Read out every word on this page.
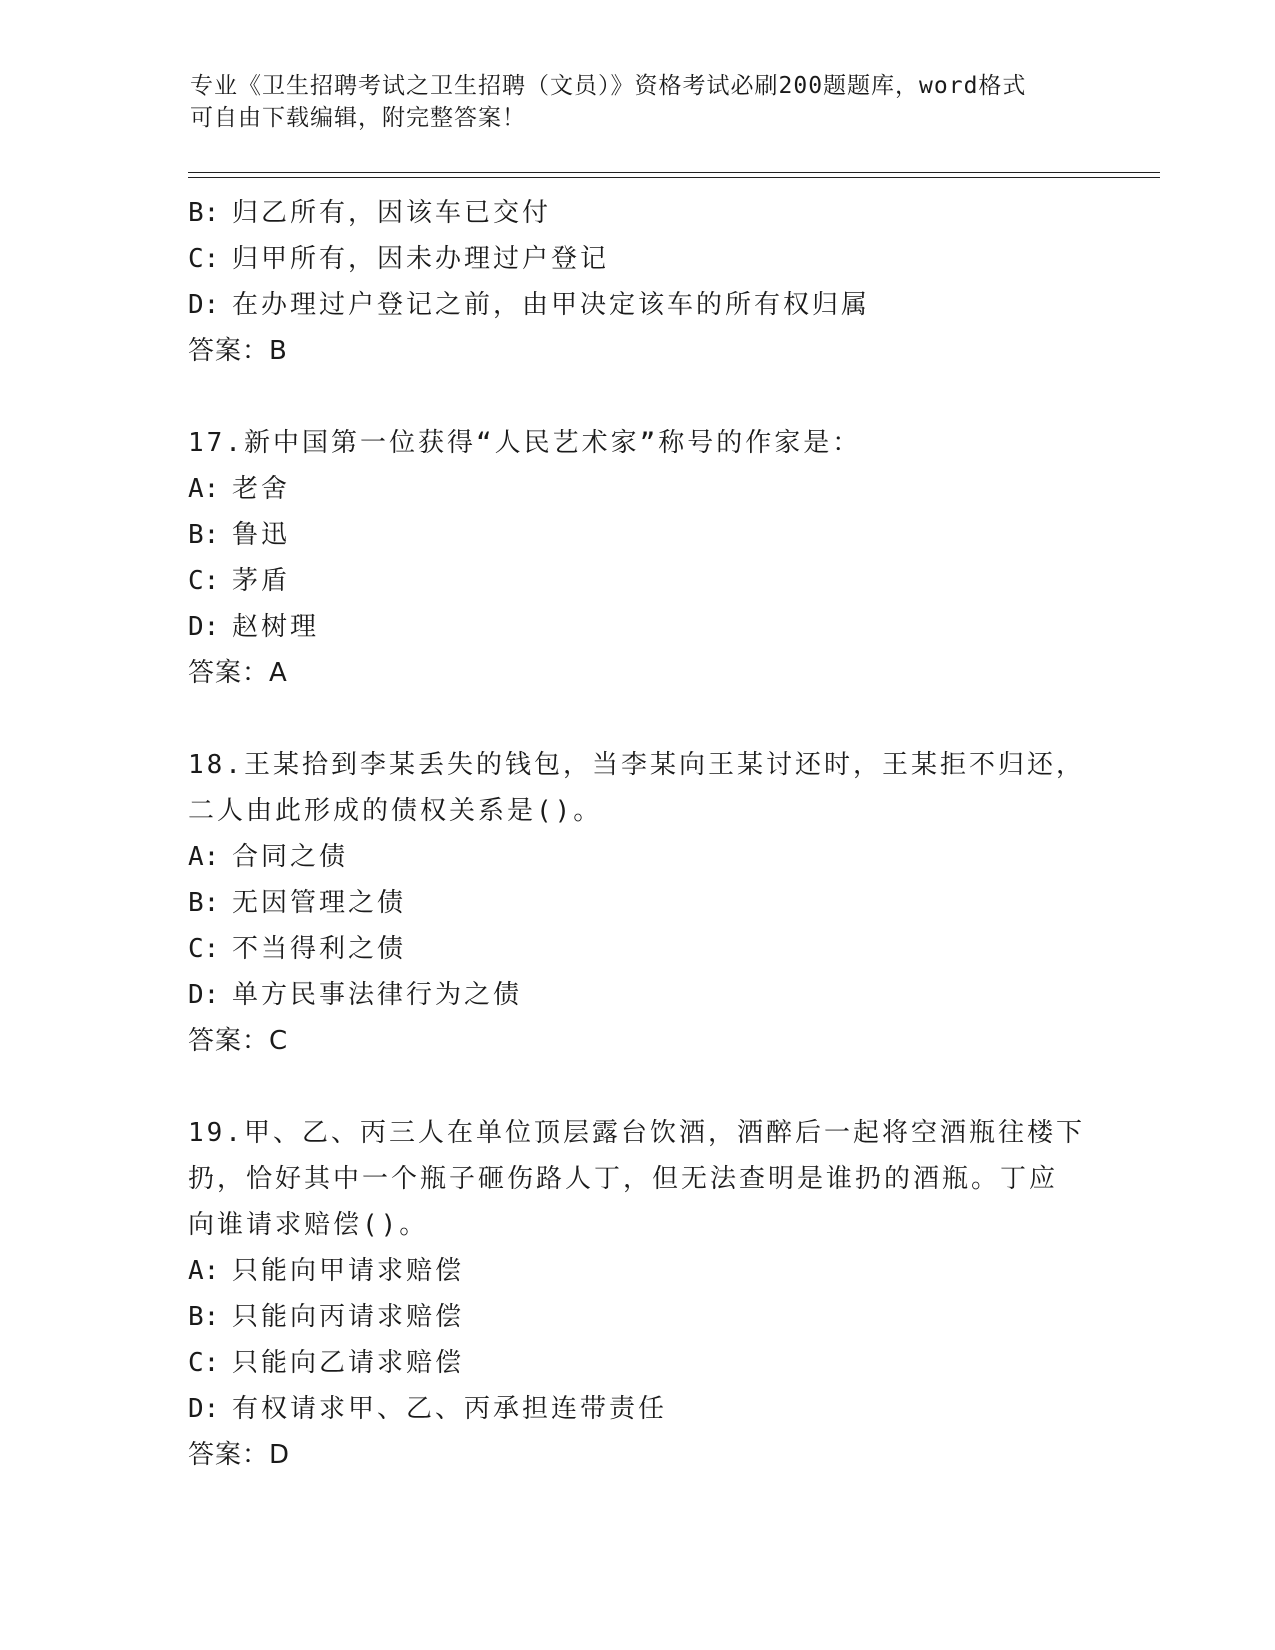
专业《卫生招聘考试之卫生招聘（文员）》资格考试必刷200题题库，word格式
可自由下载编辑，附完整答案！
B: 归乙所有，因该车已交付
C: 归甲所有，因未办理过户登记
D: 在办理过户登记之前，由甲决定该车的所有权归属
答案：B
17.新中国第一位获得“人民艺术家”称号的作家是：
A: 老舍
B: 鲁迅
C: 茅盾
D: 赵树理
答案：A
18.王某拾到李某丢失的钱包，当李某向王某讨还时，王某拒不归还，
二人由此形成的债权关系是()。
A: 合同之债
B: 无因管理之债
C: 不当得利之债
D: 单方民事法律行为之债
答案：C
19.甲、乙、丙三人在单位顶层露台饮酒，酒醉后一起将空酒瓶往楼下
扔，恰好其中一个瓶子砸伤路人丁，但无法查明是谁扔的酒瓶。丁应
向谁请求赔偿()。
A: 只能向甲请求赔偿
B: 只能向丙请求赔偿
C: 只能向乙请求赔偿
D: 有权请求甲、乙、丙承担连带责任
答案：D
